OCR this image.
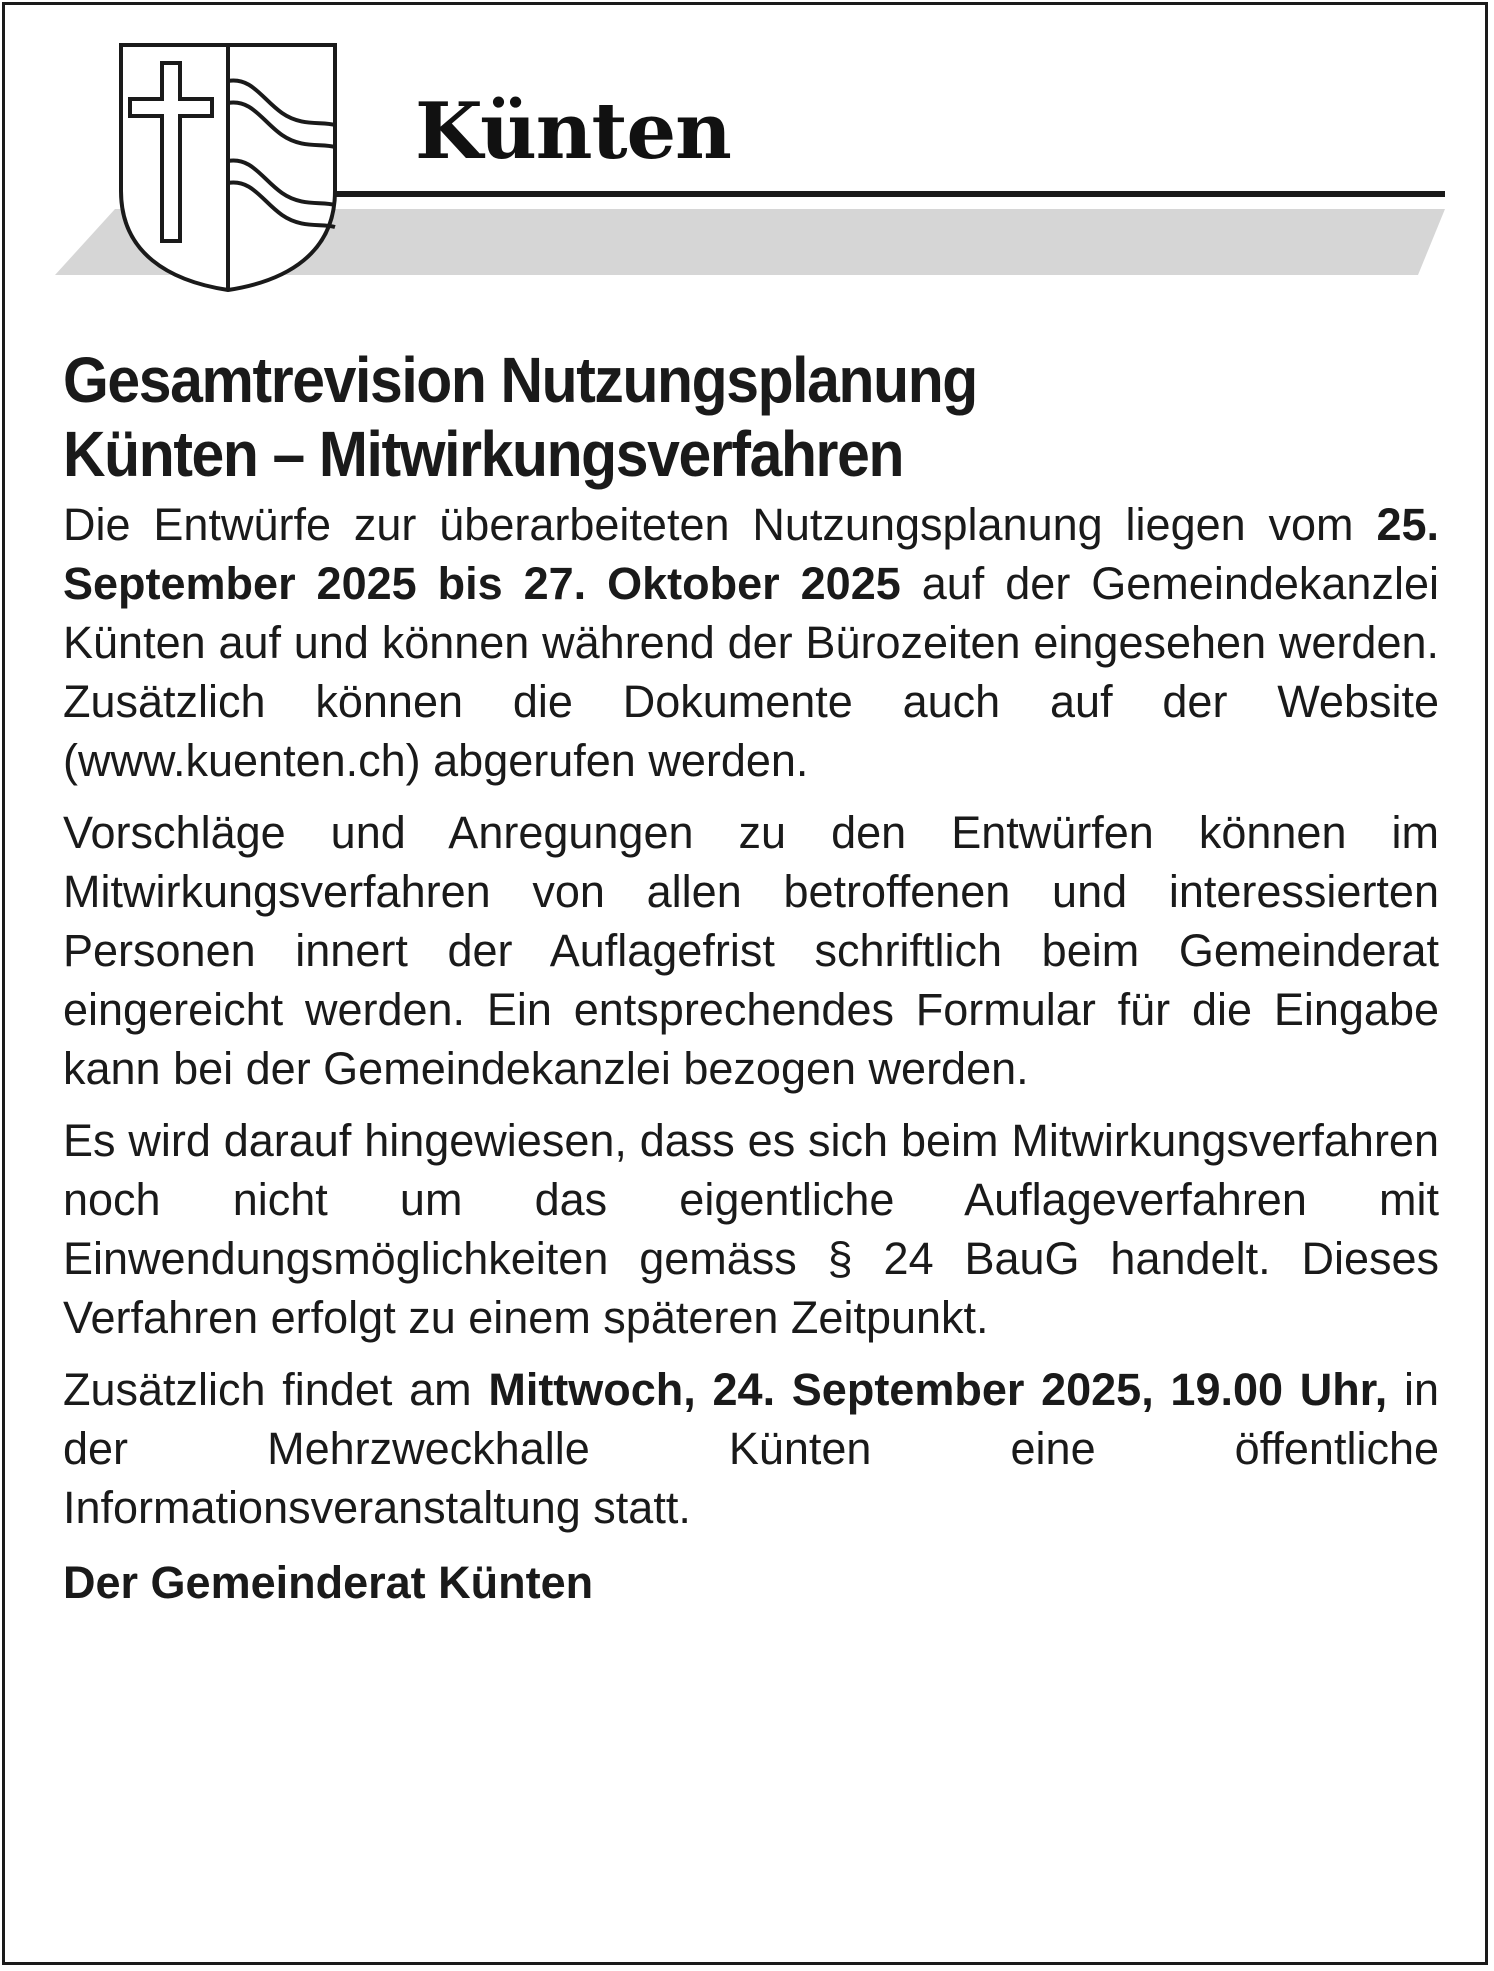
Künten
Gesamtrevision Nutzungsplanung
Künten – Mitwirkungsverfahren

Die Entwürfe zur überarbeiteten Nutzungsplanung liegen vom 25. September 2025 bis 27. Oktober 2025 auf der Gemeindekanzlei Künten auf und können während der Bürozeiten eingesehen werden. Zusätzlich können die Dokumente auch auf der Website (www.kuenten.ch) abgerufen werden.

Vorschläge und Anregungen zu den Entwürfen können im Mitwirkungsverfahren von allen betroffenen und interessierten Personen innert der Auflagefrist schriftlich beim Gemeinderat eingereicht werden. Ein entsprechendes Formular für die Eingabe kann bei der Gemeindekanzlei bezogen werden.

Es wird darauf hingewiesen, dass es sich beim Mitwirkungsverfahren noch nicht um das eigentliche Auflageverfahren mit Einwendungsmöglichkeiten gemäss § 24 BauG handelt. Dieses Verfahren erfolgt zu einem späteren Zeitpunkt.

Zusätzlich findet am Mittwoch, 24. September 2025, 19.00 Uhr, in der Mehrzweckhalle Künten eine öffentliche Informationsveranstaltung statt.

Der Gemeinderat Künten
